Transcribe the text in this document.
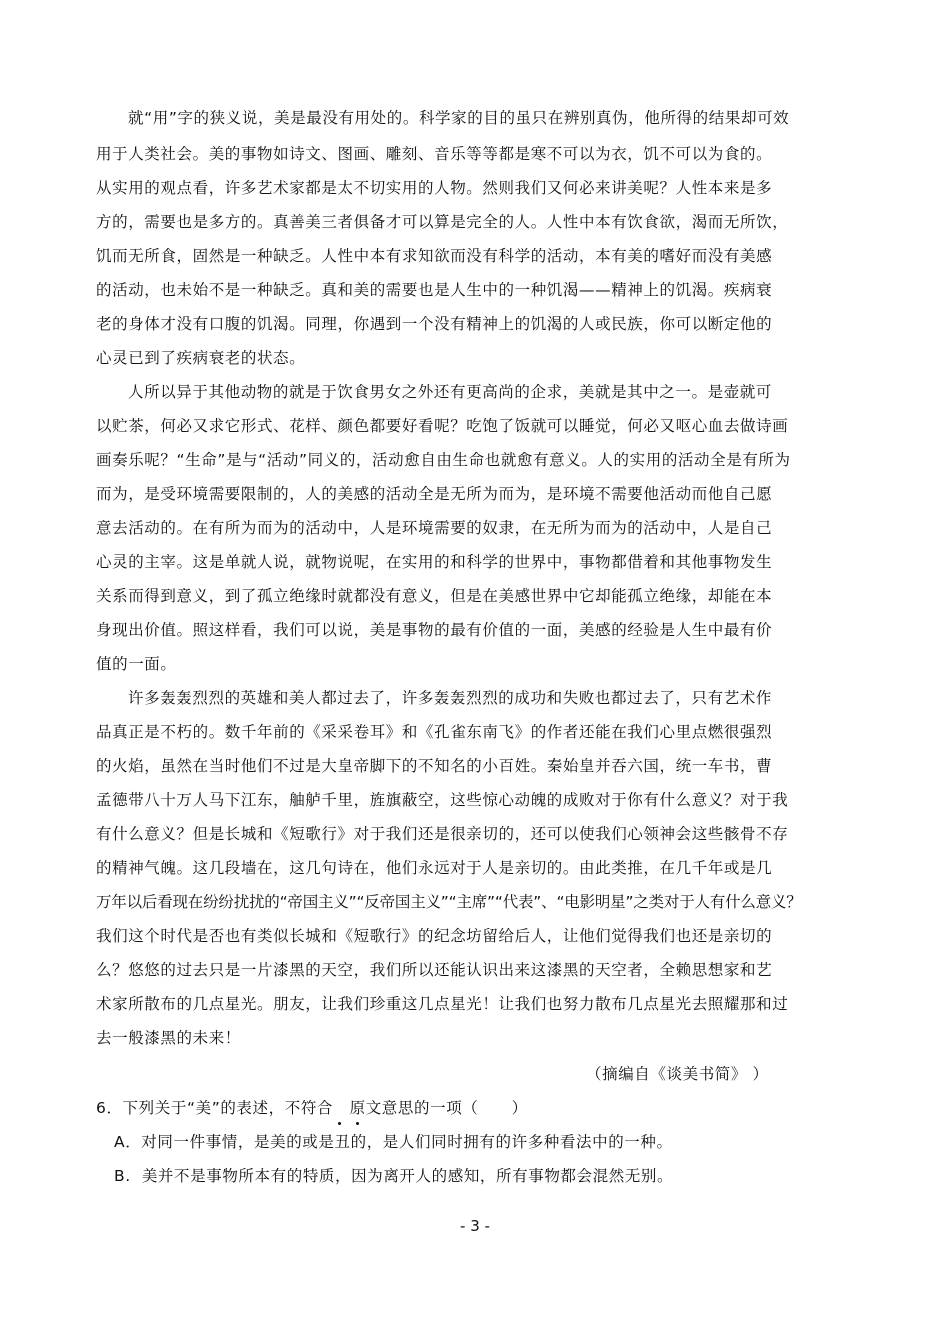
就“用”字的狭义说，美是最没有用处的。科学家的目的虽只在辨别真伪，他所得的结果却可效
用于人类社会。美的事物如诗文、图画、雕刻、音乐等等都是寒不可以为衣，饥不可以为食的。
从实用的观点看，许多艺术家都是太不切实用的人物。然则我们又何必来讲美呢？人性本来是多
方的，需要也是多方的。真善美三者俱备才可以算是完全的人。人性中本有饮食欲，渴而无所饮，
饥而无所食，固然是一种缺乏。人性中本有求知欲而没有科学的活动，本有美的嗜好而没有美感
的活动，也未始不是一种缺乏。真和美的需要也是人生中的一种饥渴——精神上的饥渴。疾病衰
老的身体才没有口腹的饥渴。同理，你遇到一个没有精神上的饥渴的人或民族，你可以断定他的
心灵已到了疾病衰老的状态。
人所以异于其他动物的就是于饮食男女之外还有更高尚的企求，美就是其中之一。是壶就可
以贮茶，何必又求它形式、花样、颜色都要好看呢？吃饱了饭就可以睡觉，何必又呕心血去做诗画
画奏乐呢？“生命”是与“活动”同义的，活动愈自由生命也就愈有意义。人的实用的活动全是有所为
而为，是受环境需要限制的，人的美感的活动全是无所为而为，是环境不需要他活动而他自己愿
意去活动的。在有所为而为的活动中，人是环境需要的奴隶，在无所为而为的活动中，人是自己
心灵的主宰。这是单就人说，就物说呢，在实用的和科学的世界中，事物都借着和其他事物发生
关系而得到意义，到了孤立绝缘时就都没有意义，但是在美感世界中它却能孤立绝缘，却能在本
身现出价值。照这样看，我们可以说，美是事物的最有价值的一面，美感的经验是人生中最有价
值的一面。
许多轰轰烈烈的英雄和美人都过去了，许多轰轰烈烈的成功和失败也都过去了，只有艺术作
品真正是不朽的。数千年前的《采采卷耳》和《孔雀东南飞》的作者还能在我们心里点燃很强烈
的火焰，虽然在当时他们不过是大皇帝脚下的不知名的小百姓。秦始皇并吞六国，统一车书，曹
孟德带八十万人马下江东，舳舻千里，旌旗蔽空，这些惊心动魄的成败对于你有什么意义？对于我
有什么意义？但是长城和《短歌行》对于我们还是很亲切的，还可以使我们心领神会这些骸骨不存
的精神气魄。这几段墙在，这几句诗在，他们永远对于人是亲切的。由此类推，在几千年或是几
万年以后看现在纷纷扰扰的“帝国主义”“反帝国主义”“主席”“代表”、“电影明星”之类对于人有什么意义？
我们这个时代是否也有类似长城和《短歌行》的纪念坊留给后人，让他们觉得我们也还是亲切的
么？悠悠的过去只是一片漆黑的天空，我们所以还能认识出来这漆黑的天空者，全赖思想家和艺
术家所散布的几点星光。朋友，让我们珍重这几点星光！让我们也努力散布几点星光去照耀那和过
去一般漆黑的未来！
（摘编自《谈美书简》 ）
6．下列关于“美”的表述，不符合   原文意思的一项（      ）
A．对同一件事情，是美的或是丑的，是人们同时拥有的许多种看法中的一种。
B.  美并不是事物所本有的特质，因为离开人的感知，所有事物都会混然无别。
- 3 -
